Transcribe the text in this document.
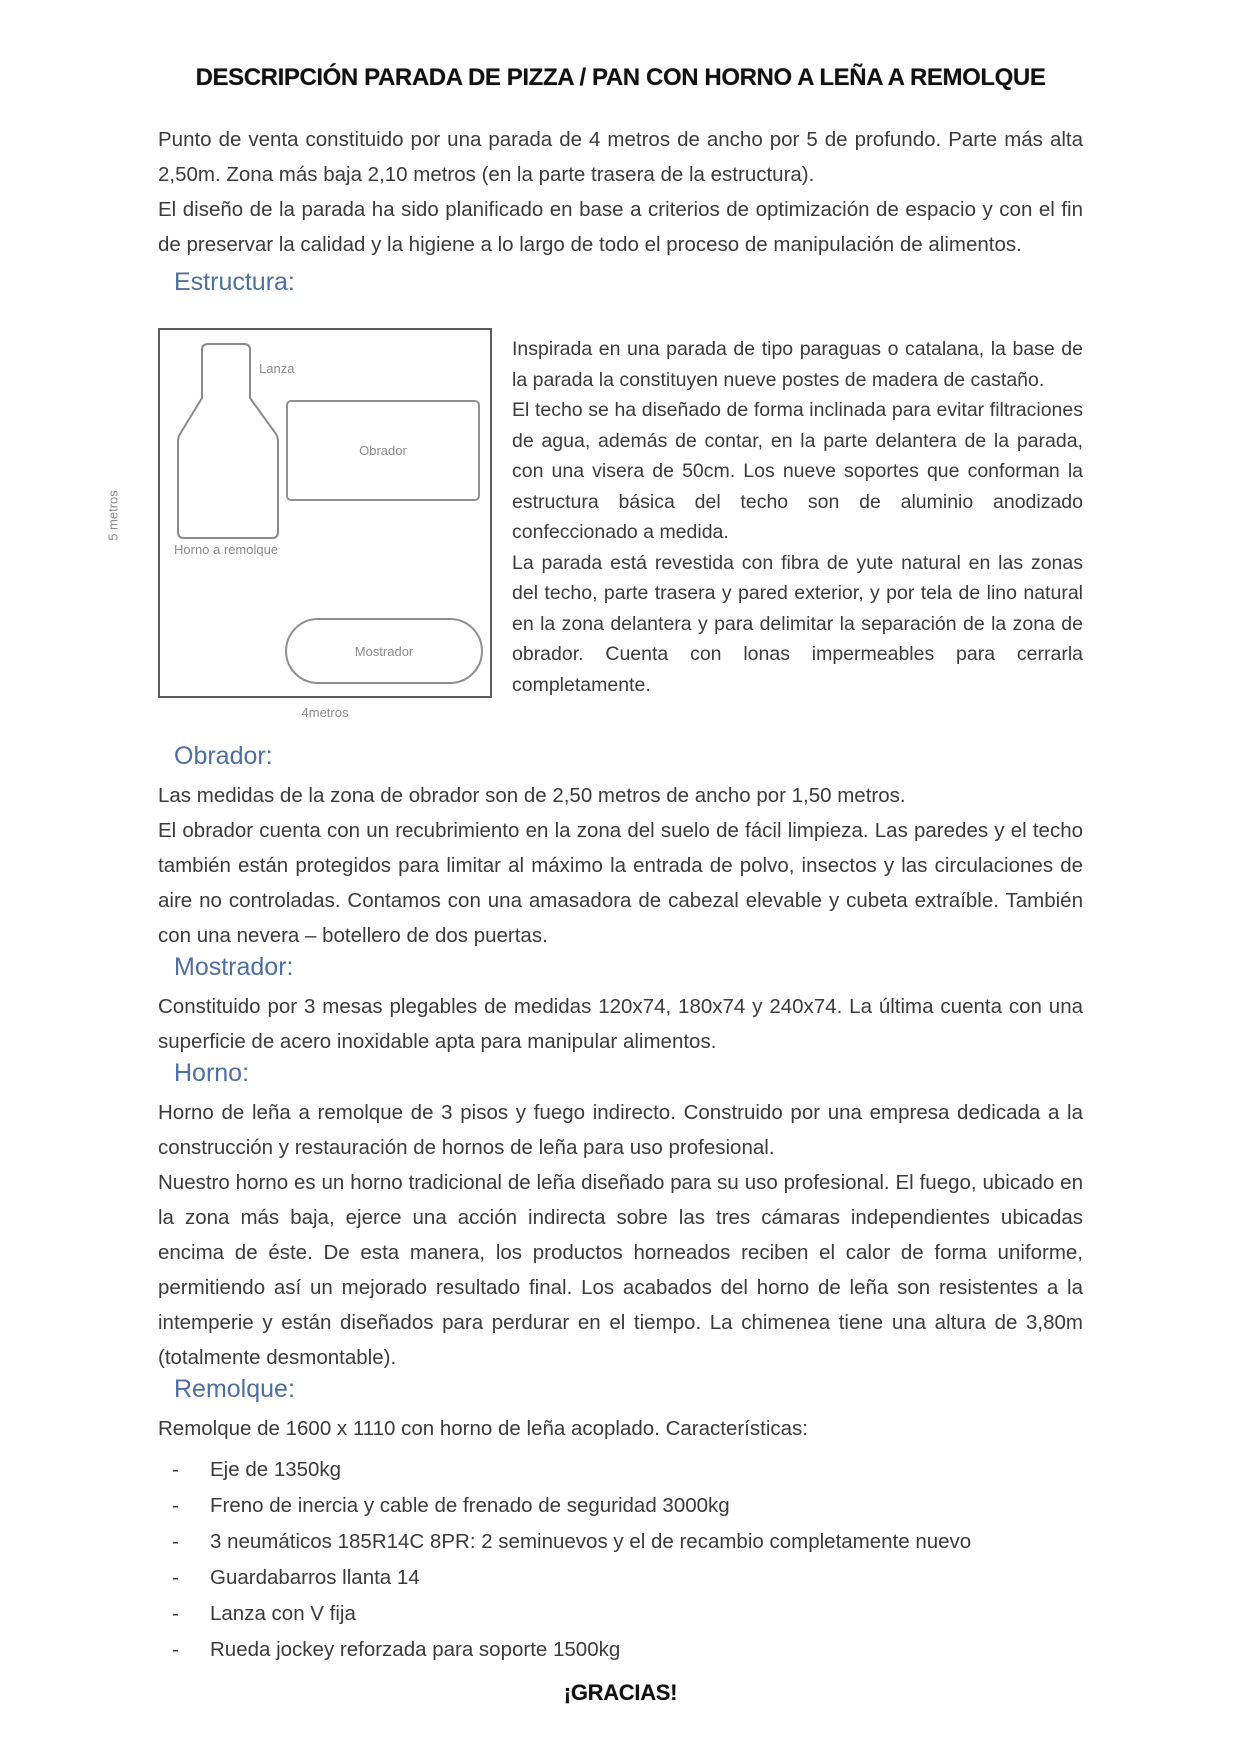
DESCRIPCIÓN PARADA DE PIZZA / PAN CON HORNO A LEÑA A REMOLQUE

Punto de venta constituido por una parada de 4 metros de ancho por 5 de profundo. Parte más alta 2,50m. Zona más baja 2,10 metros (en la parte trasera de la estructura).

El diseño de la parada ha sido planificado en base a criterios de optimización de espacio y con el fin de preservar la calidad y la higiene a lo largo de todo el proceso de manipulación de alimentos.

Estructura:
5 metros
Lanza
Obrador
Horno a remolque
Mostrador
4metros

Inspirada en una parada de tipo paraguas o catalana, la base de la parada la constituyen nueve postes de madera de castaño.

El techo se ha diseñado de forma inclinada para evitar filtraciones de agua, además de contar, en la parte delantera de la parada, con una visera de 50cm. Los nueve soportes que conforman la estructura básica del techo son de aluminio anodizado confeccionado a medida.

La parada está revestida con fibra de yute natural en las zonas del techo, parte trasera y pared exterior, y por tela de lino natural en la zona delantera y para delimitar la separación de la zona de obrador. Cuenta con lonas impermeables para cerrarla completamente.

Obrador:

Las medidas de la zona de obrador son de 2,50 metros de ancho por 1,50 metros.

El obrador cuenta con un recubrimiento en la zona del suelo de fácil limpieza. Las paredes y el techo también están protegidos para limitar al máximo la entrada de polvo, insectos y las circulaciones de aire no controladas. Contamos con una amasadora de cabezal elevable y cubeta extraíble. También con una nevera – botellero de dos puertas.

Mostrador:

Constituido por 3 mesas plegables de medidas 120x74, 180x74 y 240x74. La última cuenta con una superficie de acero inoxidable apta para manipular alimentos.

Horno:

Horno de leña a remolque de 3 pisos y fuego indirecto. Construido por una empresa dedicada a la construcción y restauración de hornos de leña para uso profesional.

Nuestro horno es un horno tradicional de leña diseñado para su uso profesional. El fuego, ubicado en la zona más baja, ejerce una acción indirecta sobre las tres cámaras independientes ubicadas encima de éste. De esta manera, los productos horneados reciben el calor de forma uniforme, permitiendo así un mejorado resultado final. Los acabados del horno de leña son resistentes a la intemperie y están diseñados para perdurar en el tiempo. La chimenea tiene una altura de 3,80m (totalmente desmontable).

Remolque:

Remolque de 1600 x 1110 con horno de leña acoplado. Características:

-	Eje de 1350kg
-	Freno de inercia y cable de frenado de seguridad 3000kg
-	3 neumáticos 185R14C 8PR: 2 seminuevos y el de recambio completamente nuevo
-	Guardabarros llanta 14
-	Lanza con V fija
-	Rueda jockey reforzada para soporte 1500kg
¡GRACIAS!
